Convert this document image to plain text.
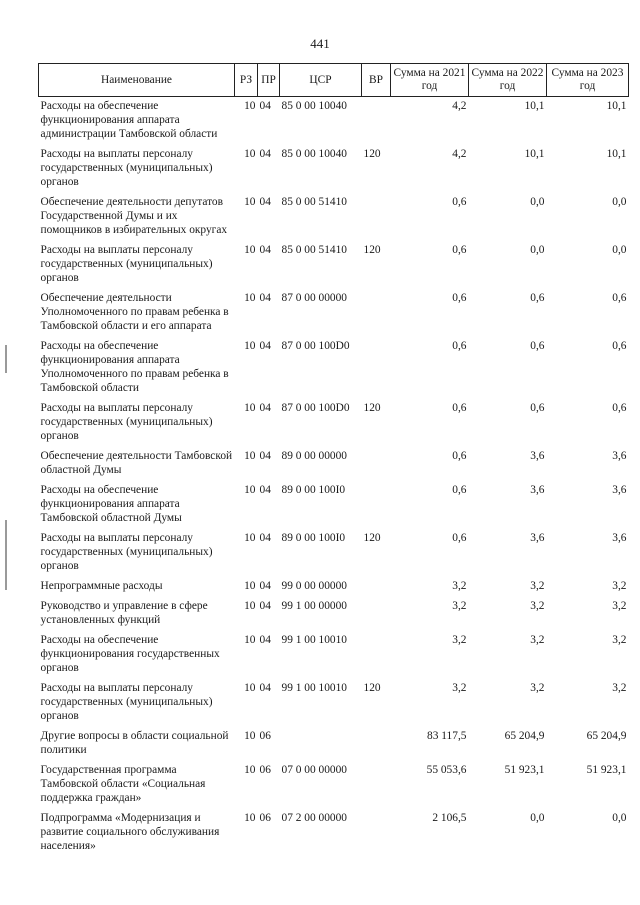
441
Наименование	РЗ	ПР	ЦСР	ВР	Сумма на 2021 год	Сумма на 2022 год	Сумма на 2023 год

Расходы на обеспечение функционирования аппарата администрации Тамбовской области	10	04	85 0 00 10040		4,2	10,1	10,1
Расходы на выплаты персоналу государственных (муниципальных) органов	10	04	85 0 00 10040	120	4,2	10,1	10,1
Обеспечение деятельности депутатов Государственной Думы и их помощников в избирательных округах	10	04	85 0 00 51410		0,6	0,0	0,0
Расходы на выплаты персоналу государственных (муниципальных) органов	10	04	85 0 00 51410	120	0,6	0,0	0,0
Обеспечение деятельности Уполномоченного по правам ребенка в Тамбовской области и его аппарата	10	04	87 0 00 00000		0,6	0,6	0,6
Расходы на обеспечение функционирования аппарата Уполномоченного по правам ребенка в Тамбовской области	10	04	87 0 00 100D0		0,6	0,6	0,6
Расходы на выплаты персоналу государственных (муниципальных) органов	10	04	87 0 00 100D0	120	0,6	0,6	0,6
Обеспечение деятельности Тамбовской областной Думы	10	04	89 0 00 00000		0,6	3,6	3,6
Расходы на обеспечение функционирования аппарата Тамбовской областной Думы	10	04	89 0 00 100I0		0,6	3,6	3,6
Расходы на выплаты персоналу государственных (муниципальных) органов	10	04	89 0 00 100I0	120	0,6	3,6	3,6
Непрограммные расходы	10	04	99 0 00 00000		3,2	3,2	3,2
Руководство и управление в сфере установленных функций	10	04	99 1 00 00000		3,2	3,2	3,2
Расходы на обеспечение функционирования государственных органов	10	04	99 1 00 10010		3,2	3,2	3,2
Расходы на выплаты персоналу государственных (муниципальных) органов	10	04	99 1 00 10010	120	3,2	3,2	3,2
Другие вопросы в области социальной политики	10	06			83 117,5	65 204,9	65 204,9
Государственная программа Тамбовской области «Социальная поддержка граждан»	10	06	07 0 00 00000		55 053,6	51 923,1	51 923,1
Подпрограмма «Модернизация и развитие социального обслуживания населения»	10	06	07 2 00 00000		2 106,5	0,0	0,0
